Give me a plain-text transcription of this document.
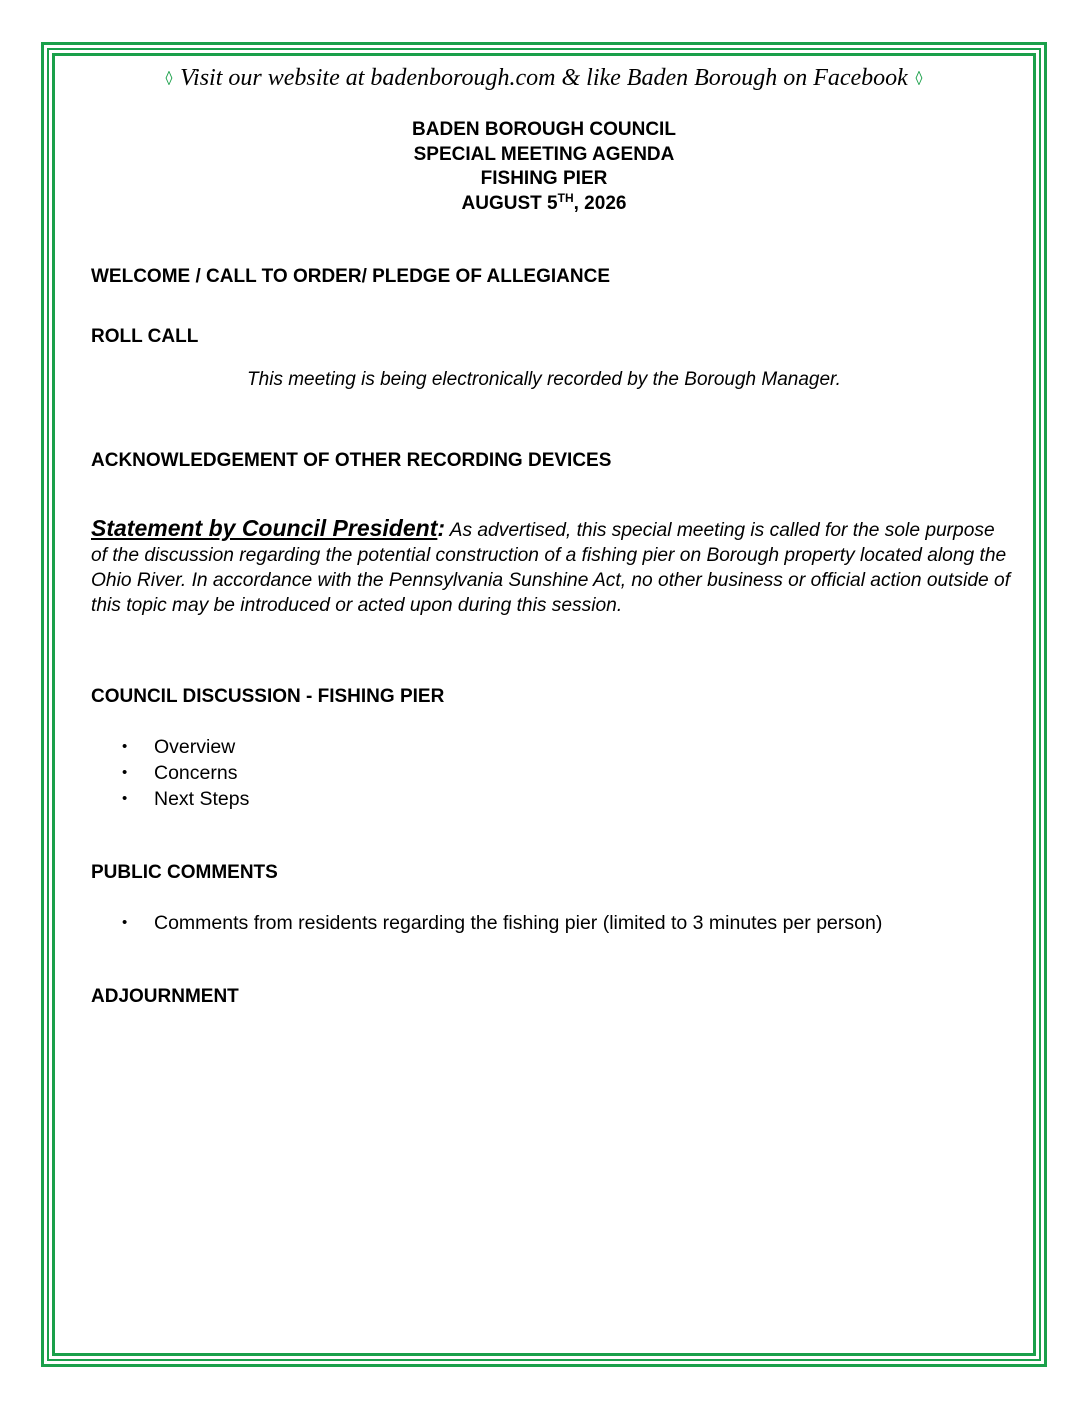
◊ Visit our website at badenborough.com & like Baden Borough on Facebook ◊
BADEN BOROUGH COUNCIL
SPECIAL MEETING AGENDA
FISHING PIER
AUGUST 5TH, 2026
WELCOME / CALL TO ORDER/ PLEDGE OF ALLEGIANCE
ROLL CALL
This meeting is being electronically recorded by the Borough Manager.
ACKNOWLEDGEMENT OF OTHER RECORDING DEVICES
Statement by Council President: As advertised, this special meeting is called for the sole purpose of the discussion regarding the potential construction of a fishing pier on Borough property located along the Ohio River. In accordance with the Pennsylvania Sunshine Act, no other business or official action outside of this topic may be introduced or acted upon during this session.
COUNCIL DISCUSSION - FISHING PIER
• Overview
• Concerns
• Next Steps
PUBLIC COMMENTS
• Comments from residents regarding the fishing pier (limited to 3 minutes per person)
ADJOURNMENT
